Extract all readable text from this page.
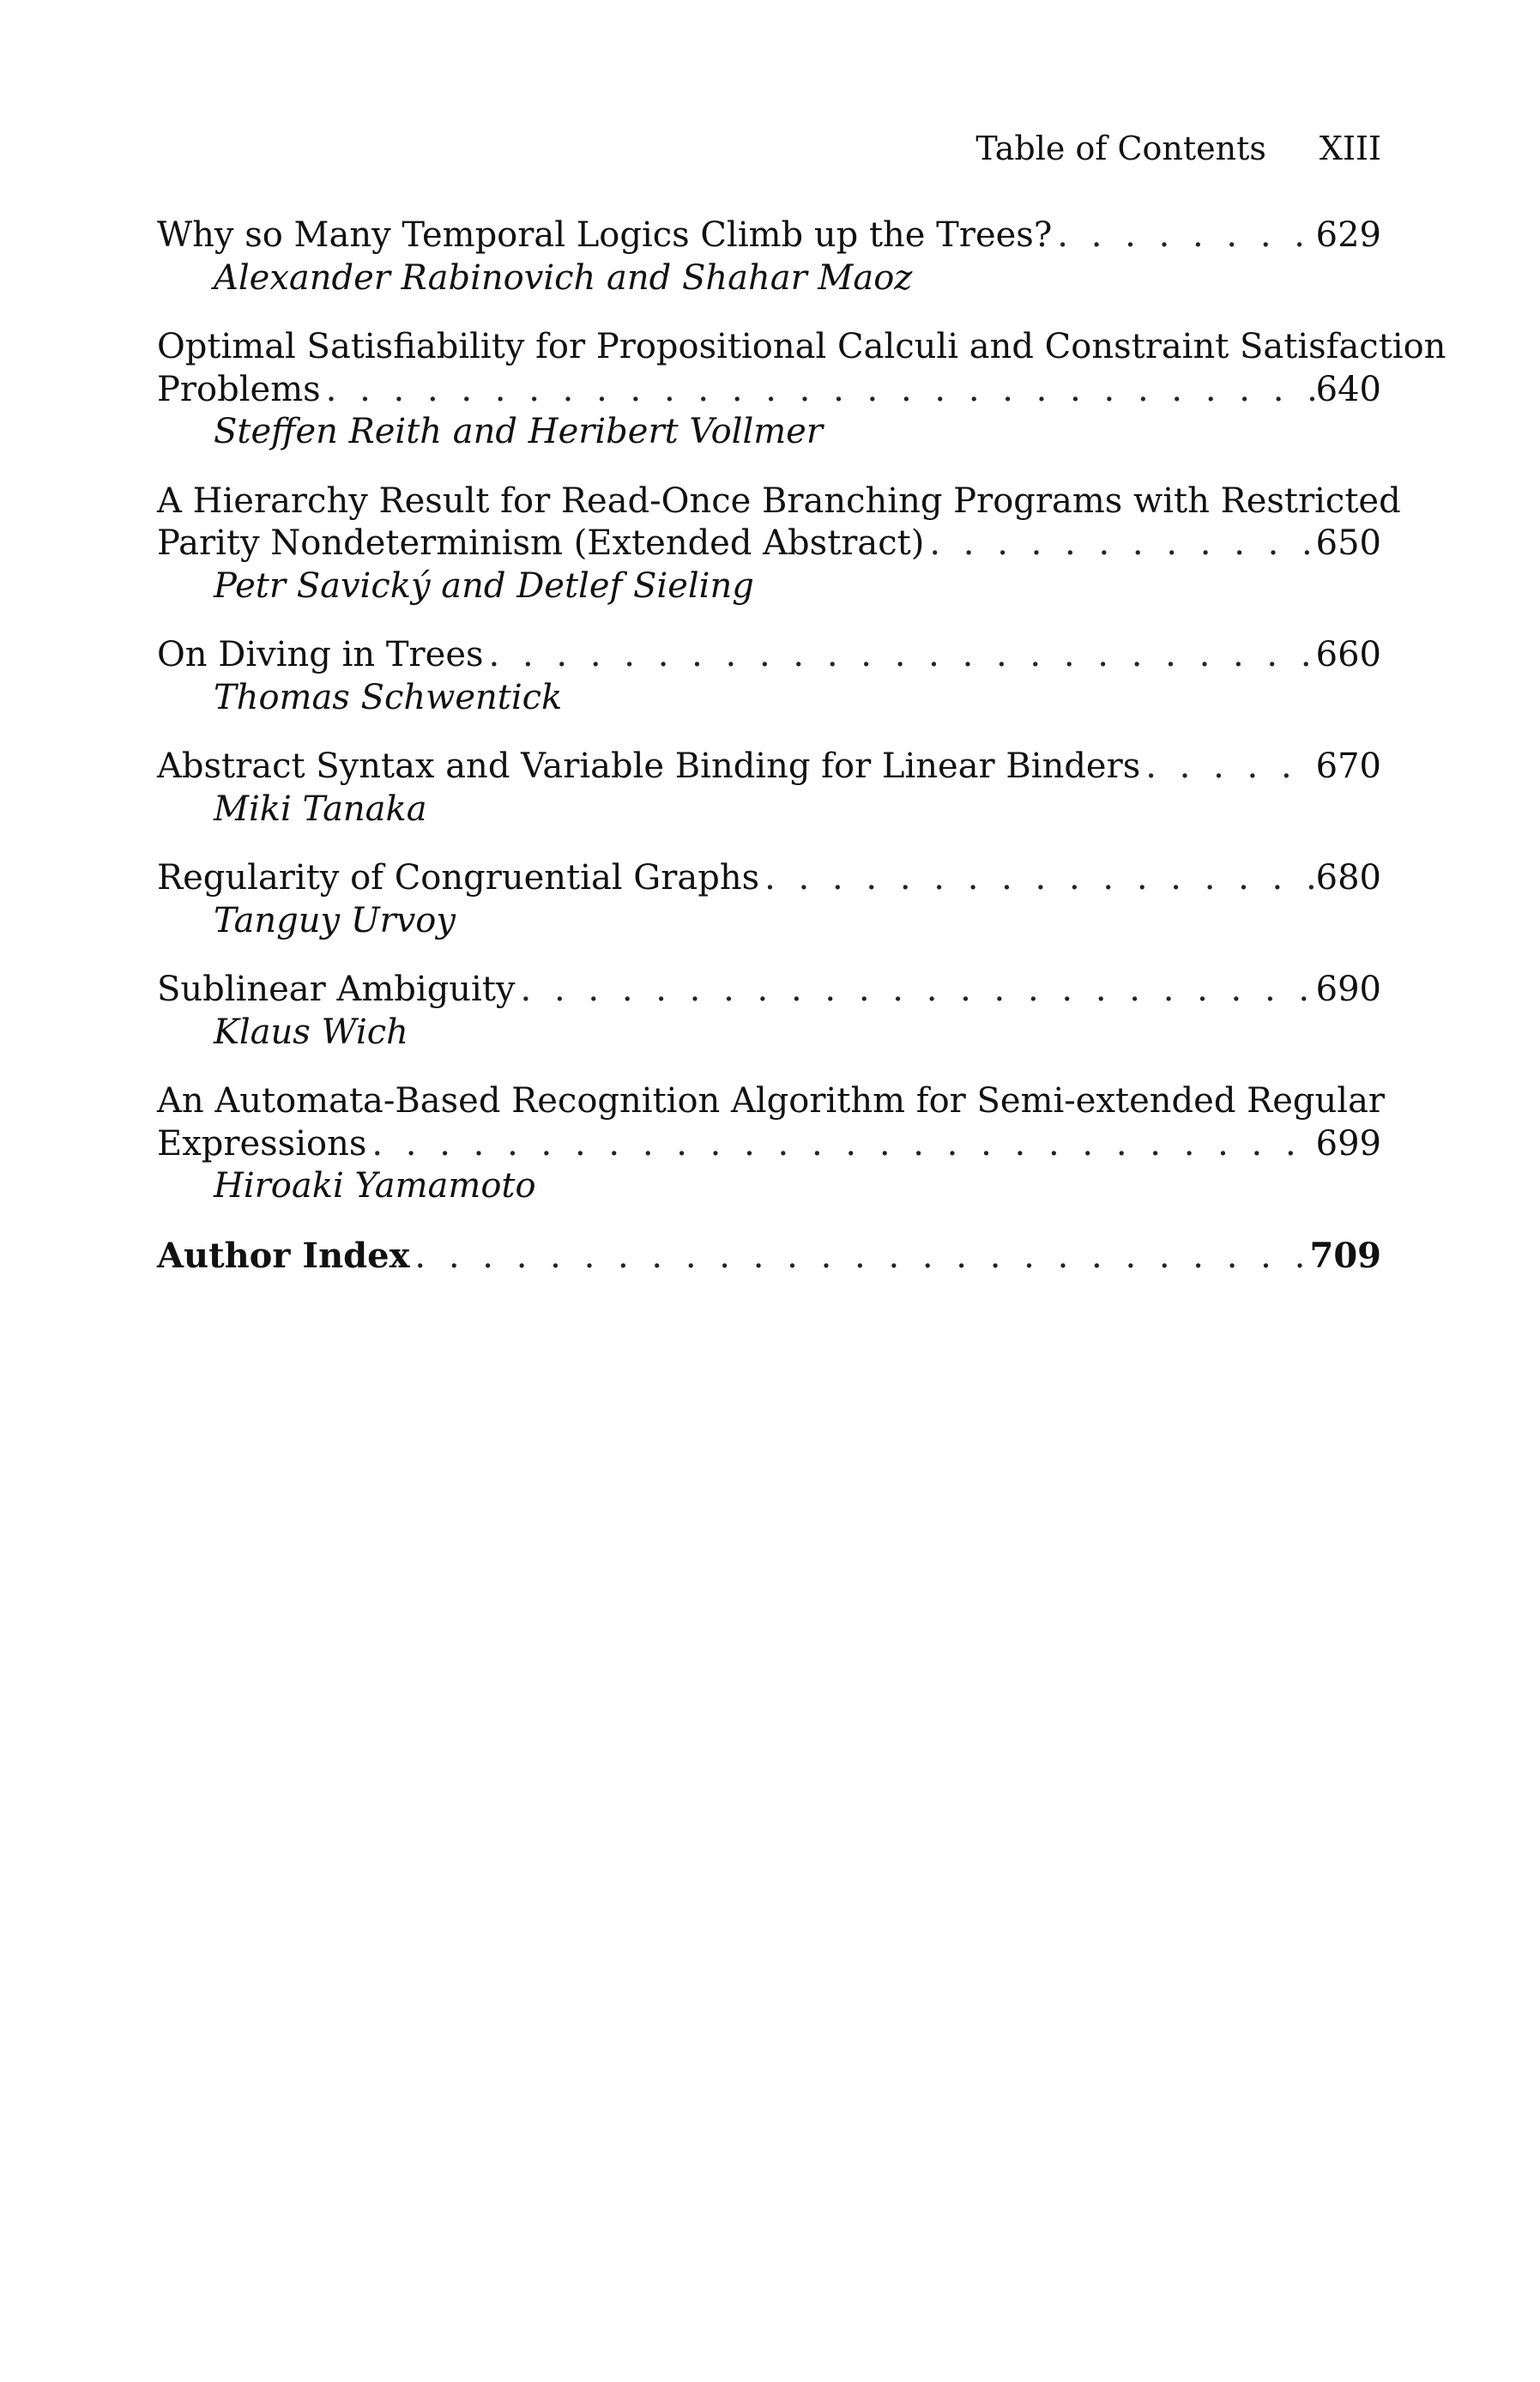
Table of Contents XIII
Why so Many Temporal Logics Climb up the Trees? . . .	629
Alexander Rabinovich and Shahar Maoz
Optimal Satisfiability for Propositional Calculi and Constraint Satisfaction
Problems . . .	640
Steffen Reith and Heribert Vollmer
A Hierarchy Result for Read-Once Branching Programs with Restricted
Parity Nondeterminism (Extended Abstract) . . .	650
Petr Savický and Detlef Sieling
On Diving in Trees . . .	660
Thomas Schwentick
Abstract Syntax and Variable Binding for Linear Binders . . .	670
Miki Tanaka
Regularity of Congruential Graphs . . .	680
Tanguy Urvoy
Sublinear Ambiguity . . .	690
Klaus Wich
An Automata-Based Recognition Algorithm for Semi-extended Regular
Expressions . . .	699
Hiroaki Yamamoto
Author Index . . .	709
